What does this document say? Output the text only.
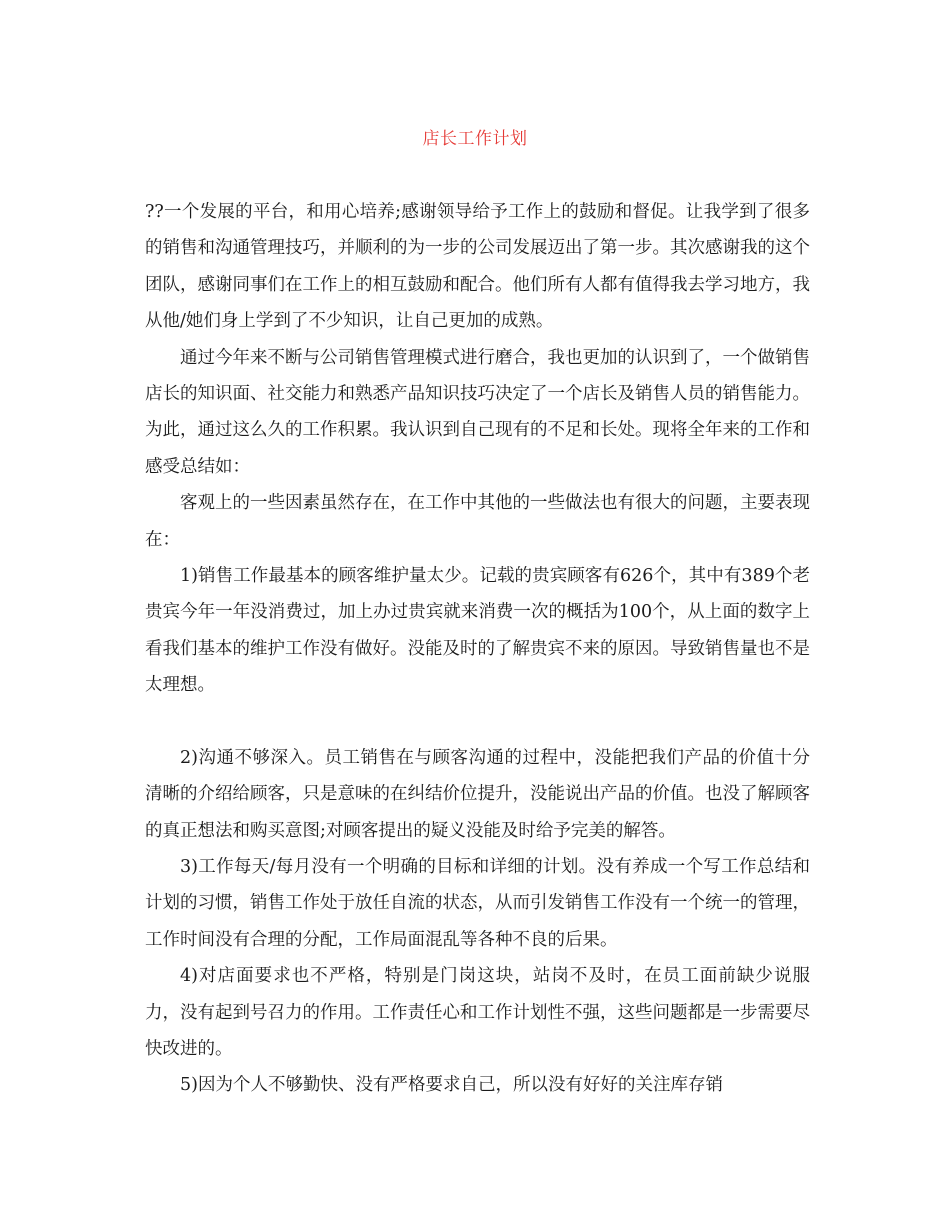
店长工作计划

??一个发展的平台，和用心培养;感谢领导给予工作上的鼓励和督促。让我学到了很多的销售和沟通管理技巧，并顺利的为一步的公司发展迈出了第一步。其次感谢我的这个团队，感谢同事们在工作上的相互鼓励和配合。他们所有人都有值得我去学习地方，我从他/她们身上学到了不少知识，让自己更加的成熟。

通过今年来不断与公司销售管理模式进行磨合，我也更加的认识到了，一个做销售店长的知识面、社交能力和熟悉产品知识技巧决定了一个店长及销售人员的销售能力。为此，通过这么久的工作积累。我认识到自己现有的不足和长处。现将全年来的工作和感受总结如：

客观上的一些因素虽然存在，在工作中其他的一些做法也有很大的问题，主要表现在：

1)销售工作最基本的顾客维护量太少。记载的贵宾顾客有626个，其中有389个老贵宾今年一年没消费过，加上办过贵宾就来消费一次的概括为100个，从上面的数字上看我们基本的维护工作没有做好。没能及时的了解贵宾不来的原因。导致销售量也不是太理想。

2)沟通不够深入。员工销售在与顾客沟通的过程中，没能把我们产品的价值十分清晰的介绍给顾客，只是意味的在纠结价位提升，没能说出产品的价值。也没了解顾客的真正想法和购买意图;对顾客提出的疑义没能及时给予完美的解答。

3)工作每天/每月没有一个明确的目标和详细的计划。没有养成一个写工作总结和计划的习惯，销售工作处于放任自流的状态，从而引发销售工作没有一个统一的管理，工作时间没有合理的分配，工作局面混乱等各种不良的后果。

4)对店面要求也不严格，特别是门岗这块，站岗不及时，在员工面前缺少说服力，没有起到号召力的作用。工作责任心和工作计划性不强，这些问题都是一步需要尽快改进的。

5)因为个人不够勤快、没有严格要求自己，所以没有好好的关注库存销
